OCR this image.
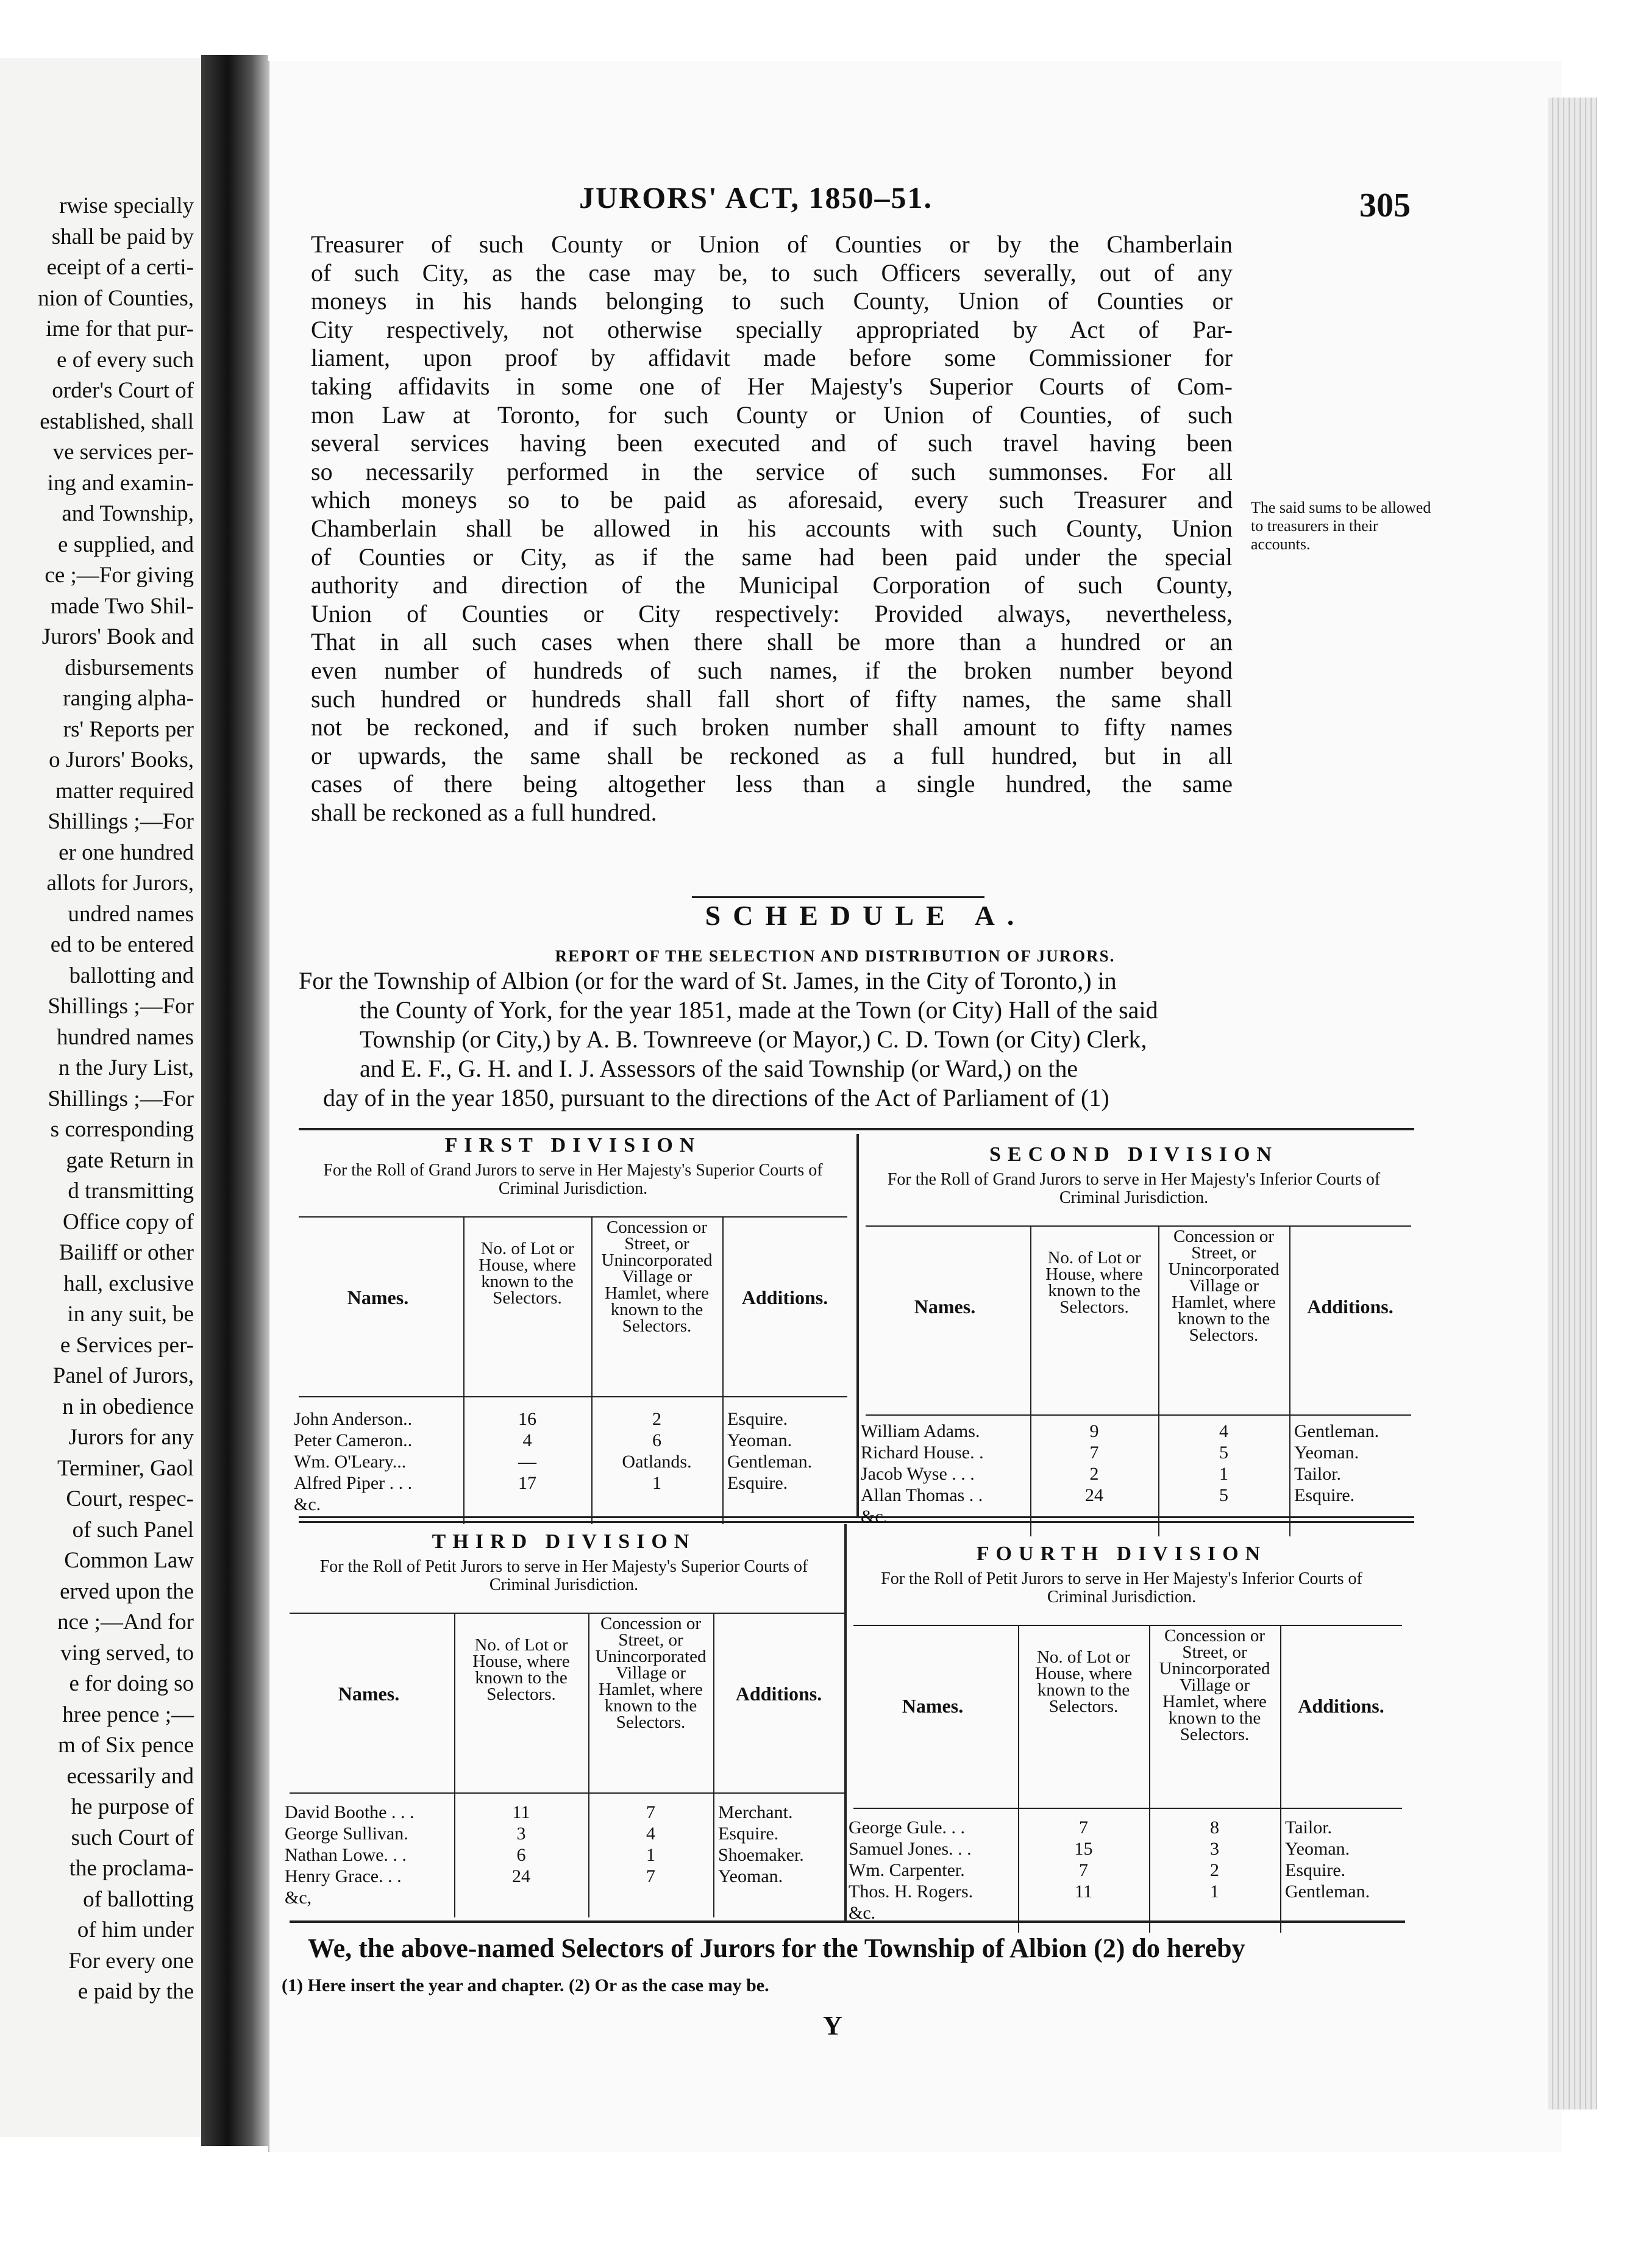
rwise specially
shall be paid by
eceipt of a certi-
nion of Counties,
ime for that pur-
e of every such
order's Court of
established, shall
ve services per-
ing and examin-
and Township,
e supplied, and
ce ;—For giving
made Two Shil-
Jurors' Book and
disbursements
ranging alpha-
rs' Reports per
o Jurors' Books,
matter required
Shillings ;—For
er one hundred
allots for Jurors,
undred names
ed to be entered
ballotting and
Shillings ;—For
hundred names
n the Jury List,
Shillings ;—For
s corresponding
gate Return in
d transmitting
Office copy of
Bailiff or other
hall, exclusive
in any suit, be
e Services per-
Panel of Jurors,
n in obedience
Jurors for any
Terminer, Gaol
Court, respec-
of such Panel
Common Law
erved upon the
nce ;—And for
ving served, to
e for doing so
hree pence ;—
m of Six pence
ecessarily and
he purpose of
such Court of
the proclama-
of ballotting
of him under
For every one
e paid by the
JURORS' ACT, 1850–51.	305
Treasurer of such County or Union of Counties or by the Chamberlain
of such City, as the case may be, to such Officers severally, out of any
moneys in his hands belonging to such County, Union of Counties or
City respectively, not otherwise specially appropriated by Act of Par-
liament, upon proof by affidavit made before some Commissioner for
taking affidavits in some one of Her Majesty's Superior Courts of Com-
mon Law at Toronto, for such County or Union of Counties, of such
several services having been executed and of such travel having been
so necessarily performed in the service of such summonses. For all
which moneys so to be paid as aforesaid, every such Treasurer and
Chamberlain shall be allowed in his accounts with such County, Union
of Counties or City, as if the same had been paid under the special
authority and direction of the Municipal Corporation of such County,
Union of Counties or City respectively: Provided always, nevertheless,
That in all such cases when there shall be more than a hundred or an
even number of hundreds of such names, if the broken number beyond
such hundred or hundreds shall fall short of fifty names, the same shall
not be reckoned, and if such broken number shall amount to fifty names
or upwards, the same shall be reckoned as a full hundred, but in all
cases of there being altogether less than a single hundred, the same
shall be reckoned as a full hundred.
The said sums to be allowed to treasurers in their accounts.
SCHEDULE A.
REPORT OF THE SELECTION AND DISTRIBUTION OF JURORS.
For the Township of Albion (or for the ward of St. James, in the City of Toronto,) in
the County of York, for the year 1851, made at the Town (or City) Hall of the said
Township (or City,) by A. B. Townreeve (or Mayor,) C. D. Town (or City) Clerk,
and E. F., G. H. and I. J. Assessors of the said Township (or Ward,) on the
day of in the year 1850, pursuant to the directions of the Act of Parliament of (1)
FIRST DIVISION
For the Roll of Grand Jurors to serve in Her Majesty's Superior Courts of Criminal Jurisdiction.
Names.
No. of Lot or House, where known to the Selectors.
Concession or Street, or Unincorporated Village or Hamlet, where known to the Selectors.
Additions.
John Anderson..	16	2	Esquire.
Peter Cameron..	4	6	Yeoman.
Wm. O'Leary...	—	Oatlands.	Gentleman.
Alfred Piper . . .	17	1	Esquire.
&c.
SECOND DIVISION
For the Roll of Grand Jurors to serve in Her Majesty's Inferior Courts of Criminal Jurisdiction.
Names.
No. of Lot or House, where known to the Selectors.
Concession or Street, or Unincorporated Village or Hamlet, where known to the Selectors.
Additions.
William Adams.	9	4	Gentleman.
Richard House. .	7	5	Yeoman.
Jacob Wyse . . .	2	1	Tailor.
Allan Thomas . .	24	5	Esquire.
&c.
THIRD DIVISION
For the Roll of Petit Jurors to serve in Her Majesty's Superior Courts of Criminal Jurisdiction.
Names.
No. of Lot or House, where known to the Selectors.
Concession or Street, or Unincorporated Village or Hamlet, where known to the Selectors.
Additions.
David Boothe . . .	11	7	Merchant.
George Sullivan.	3	4	Esquire.
Nathan Lowe. . .	6	1	Shoemaker.
Henry Grace. . .	24	7	Yeoman.
&c,
FOURTH DIVISION
For the Roll of Petit Jurors to serve in Her Majesty's Inferior Courts of Criminal Jurisdiction.
Names.
No. of Lot or House, where known to the Selectors.
Concession or Street, or Unincorporated Village or Hamlet, where known to the Selectors.
Additions.
George Gule. . .	7	8	Tailor.
Samuel Jones. . .	15	3	Yeoman.
Wm. Carpenter.	7	2	Esquire.
Thos. H. Rogers.	11	1	Gentleman.
&c.
We, the above-named Selectors of Jurors for the Township of Albion (2) do hereby
(1) Here insert the year and chapter. (2) Or as the case may be.
Y
